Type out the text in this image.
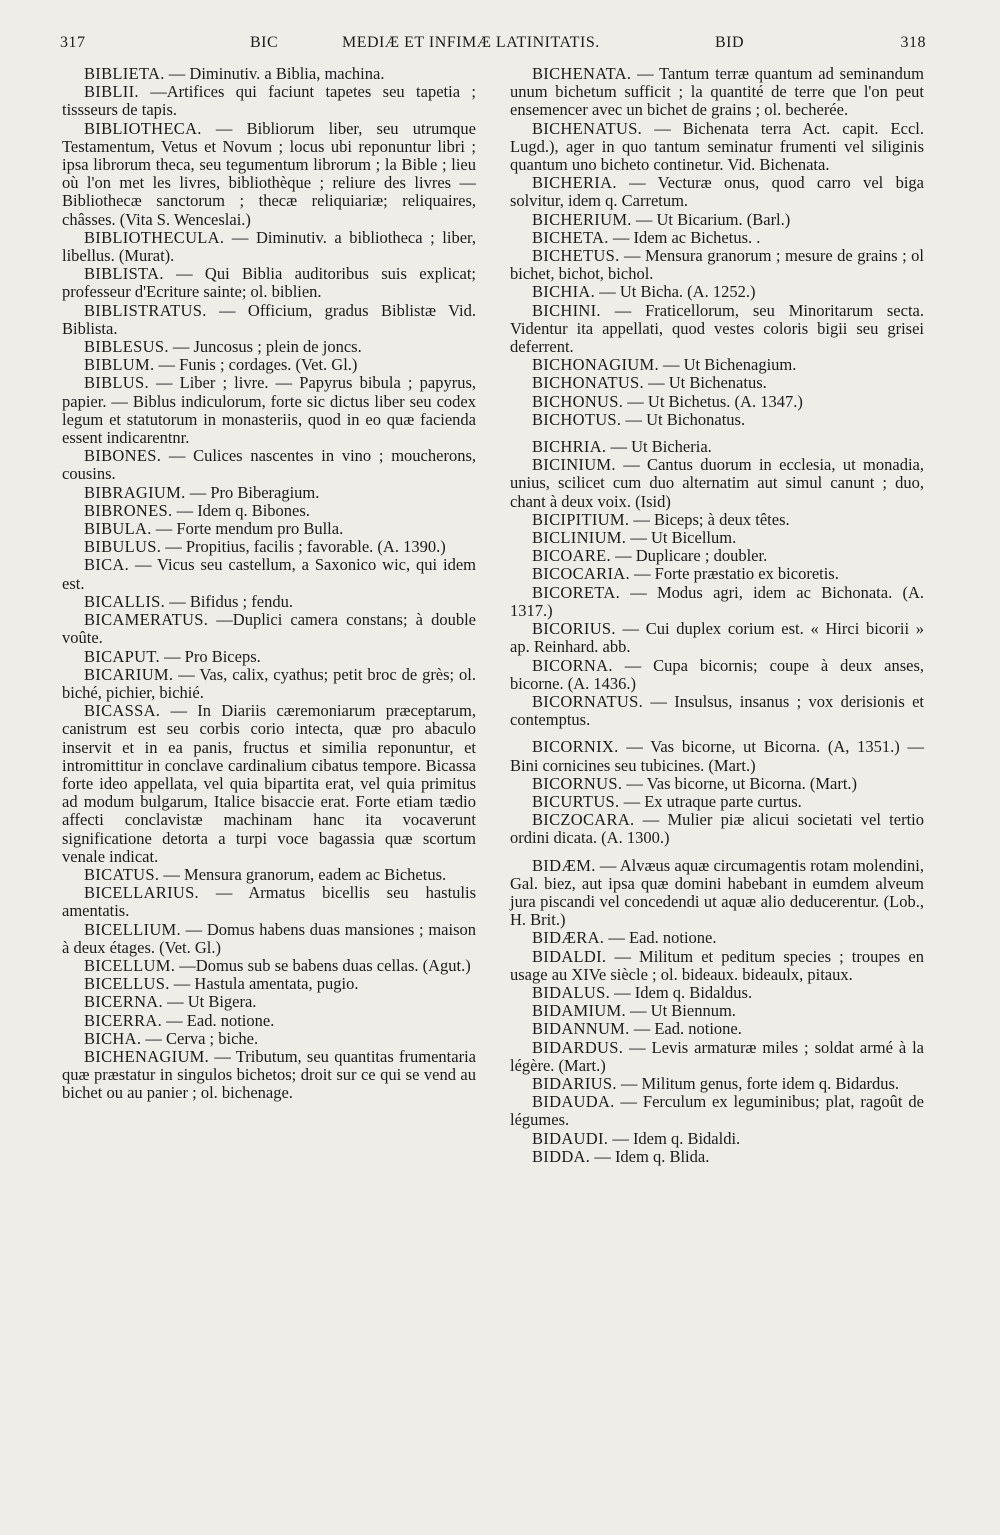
317	BIC	MEDIÆ ET INFIMÆ LATINITATIS.	BID	318

BIBLIETA. — Diminutiv. a Biblia, machina.

BIBLII. —Artifices qui faciunt tapetes seu tapetia ; tissseurs de tapis.

BIBLIOTHECA. — Bibliorum liber, seu utrumque Testamentum, Vetus et Novum ; locus ubi reponuntur libri ; ipsa librorum theca, seu tegumentum librorum ; la Bible ; lieu où l'on met les livres, bibliothèque ; reliure des livres — Bibliothecæ sanctorum ; thecæ reliquiariæ; reliquaires, châsses. (Vita S. Wenceslai.)

BIBLIOTHECULA. — Diminutiv. a bibliotheca ; liber, libellus. (Murat).

BIBLISTA. — Qui Biblia auditoribus suis explicat; professeur d'Ecriture sainte; ol. biblien.

BIBLISTRATUS. — Officium, gradus Biblistæ Vid. Biblista.

BIBLESUS. — Juncosus ; plein de joncs.

BIBLUM. — Funis ; cordages. (Vet. Gl.)

BIBLUS. — Liber ; livre. — Papyrus bibula ; papyrus, papier. — Biblus indiculorum, forte sic dictus liber seu codex legum et statutorum in monasteriis, quod in eo quæ facienda essent indicarentnr.

BIBONES. — Culices nascentes in vino ; moucherons, cousins.

BIBRAGIUM. — Pro Biberagium.

BIBRONES. — Idem q. Bibones.

BIBULA. — Forte mendum pro Bulla.

BIBULUS. — Propitius, facilis ; favorable. (A. 1390.)

BICA. — Vicus seu castellum, a Saxonico wic, qui idem est.

BICALLIS. — Bifidus ; fendu.

BICAMERATUS. —Duplici camera constans; à double voûte.

BICAPUT. — Pro Biceps.

BICARIUM. — Vas, calix, cyathus; petit broc de grès; ol. biché, pichier, bichié.

BICASSA. — In Diariis cæremoniarum præceptarum, canistrum est seu corbis corio intecta, quæ pro abaculo inservit et in ea panis, fructus et similia reponuntur, et intromittitur in conclave cardinalium cibatus tempore. Bicassa forte ideo appellata, vel quia bipartita erat, vel quia primitus ad modum bulgarum, Italice bisaccie erat. Forte etiam tædio affecti conclavistæ machinam hanc ita vocaverunt significatione detorta a turpi voce bagassia quæ scortum venale indicat.

BICATUS. — Mensura granorum, eadem ac Bichetus.

BICELLARIUS. — Armatus bicellis seu hastulis amentatis.

BICELLIUM. — Domus habens duas mansiones ; maison à deux étages. (Vet. Gl.)

BICELLUM. —Domus sub se babens duas cellas. (Agut.)

BICELLUS. — Hastula amentata, pugio.

BICERNA. — Ut Bigera.

BICERRA. — Ead. notione.

BICHA. — Cerva ; biche.

BICHENAGIUM. — Tributum, seu quantitas frumentaria quæ præstatur in singulos bichetos; droit sur ce qui se vend au bichet ou au panier ; ol. bichenage.

BICHENATA. — Tantum terræ quantum ad seminandum unum bichetum sufficit ; la quantité de terre que l'on peut ensemencer avec un bichet de grains ; ol. becherée.

BICHENATUS. — Bichenata terra Act. capit. Eccl. Lugd.), ager in quo tantum seminatur frumenti vel siliginis quantum uno bicheto continetur. Vid. Bichenata.

BICHERIA. — Vecturæ onus, quod carro vel biga solvitur, idem q. Carretum.

BICHERIUM. — Ut Bicarium. (Barl.)

BICHETA. — Idem ac Bichetus. .

BICHETUS. — Mensura granorum ; mesure de grains ; ol bichet, bichot, bichol.

BICHIA. — Ut Bicha. (A. 1252.)

BICHINI. — Fraticellorum, seu Minoritarum secta. Videntur ita appellati, quod vestes coloris bigii seu grisei deferrent.

BICHONAGIUM. — Ut Bichenagium.

BICHONATUS. — Ut Bichenatus.

BICHONUS. — Ut Bichetus. (A. 1347.)

BICHOTUS. — Ut Bichonatus.

BICHRIA. — Ut Bicheria.

BICINIUM. — Cantus duorum in ecclesia, ut monadia, unius, scilicet cum duo alternatim aut simul canunt ; duo, chant à deux voix. (Isid)

BICIPITIUM. — Biceps; à deux têtes.

BICLINIUM. — Ut Bicellum.

BICOARE. — Duplicare ; doubler.

BICOCARIA. — Forte præstatio ex bicoretis.

BICORETA. — Modus agri, idem ac Bichonata. (A. 1317.)

BICORIUS. — Cui duplex corium est. « Hirci bicorii » ap. Reinhard. abb.

BICORNA. — Cupa bicornis; coupe à deux anses, bicorne. (A. 1436.)

BICORNATUS. — Insulsus, insanus ; vox derisionis et contemptus.

BICORNIX. — Vas bicorne, ut Bicorna. (A, 1351.) — Bini cornicines seu tubicines. (Mart.)

BICORNUS. — Vas bicorne, ut Bicorna. (Mart.)

BICURTUS. — Ex utraque parte curtus.

BICZOCARA. — Mulier piæ alicui societati vel tertio ordini dicata. (A. 1300.)

BIDÆM. — Alvæus aquæ circumagentis rotam molendini, Gal. biez, aut ipsa quæ domini habebant in eumdem alveum jura piscandi vel concedendi ut aquæ alio deducerentur. (Lob., H. Brit.)

BIDÆRA. — Ead. notione.

BIDALDI. — Militum et peditum species ; troupes en usage au XIVe siècle ; ol. bideaux. bideaulx, pitaux.

BIDALUS. — Idem q. Bidaldus.

BIDAMIUM. — Ut Biennum.

BIDANNUM. — Ead. notione.

BIDARDUS. — Levis armaturæ miles ; soldat armé à la légère. (Mart.)

BIDARIUS. — Militum genus, forte idem q. Bidardus.

BIDAUDA. — Ferculum ex leguminibus; plat, ragoût de légumes.

BIDAUDI. — Idem q. Bidaldi.

BIDDA. — Idem q. Blida.
